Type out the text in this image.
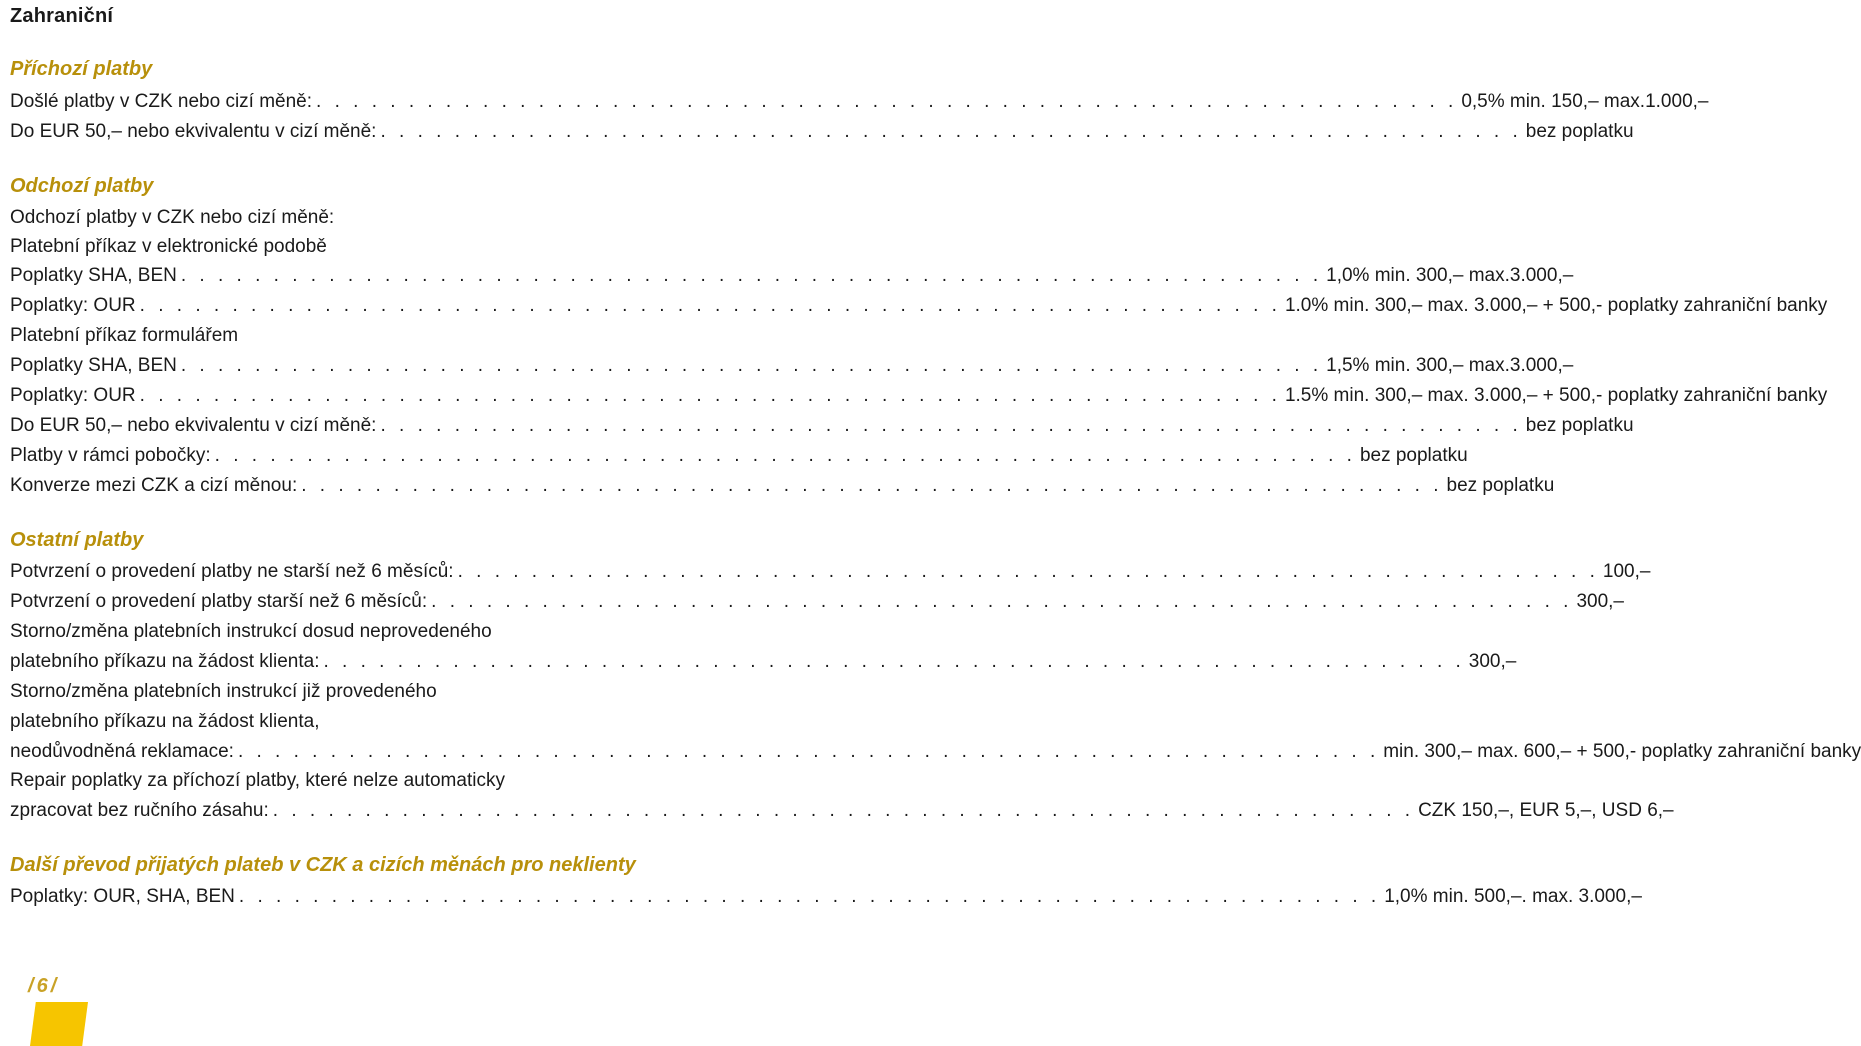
Zahraniční
Příchozí platby
Došlé platby v CZK nebo cizí měně: . . . . . . . . . . . . . . . . . . . . . . . . . . . . . . . . . . . . . . . . . . . . . . . . . . . . . . . . . . . . . . 0,5% min. 150,– max.1.000,–
Do EUR 50,– nebo ekvivalentu v cizí měně: . . . . . . . . . . . . . . . . . . . . . . . . . . . . . . . . . . . . . . . . . . . . . . . . . . . . . . . . . . . . . . bez poplatku
Odchozí platby
Odchozí platby v CZK nebo cizí měně:
Platební příkaz v elektronické podobě
Poplatky SHA, BEN . . . . . . . . . . . . . . . . . . . . . . . . . . . . . . . . . . . . . . . . . . . . . . . . . . . . . . . . . . . . . . 1,0% min. 300,– max.3.000,–
Poplatky: OUR . . . . . . . . . . . . . . . . . . . . . . . . . . . . . . . . . . . . . . . . . . . . . . . . . . . . . . . . . . . . . . 1.0% min. 300,– max. 3.000,– + 500,- poplatky zahraniční banky
Platební příkaz formulářem
Poplatky SHA, BEN . . . . . . . . . . . . . . . . . . . . . . . . . . . . . . . . . . . . . . . . . . . . . . . . . . . . . . . . . . . . . . 1,5% min. 300,– max.3.000,–
Poplatky: OUR . . . . . . . . . . . . . . . . . . . . . . . . . . . . . . . . . . . . . . . . . . . . . . . . . . . . . . . . . . . . . . 1.5% min. 300,– max. 3.000,– + 500,- poplatky zahraniční banky
Do EUR 50,– nebo ekvivalentu v cizí měně: . . . . . . . . . . . . . . . . . . . . . . . . . . . . . . . . . . . . . . . . . . . . . . . . . . . . . . . . . . . . . . bez poplatku
Platby v rámci pobočky: . . . . . . . . . . . . . . . . . . . . . . . . . . . . . . . . . . . . . . . . . . . . . . . . . . . . . . . . . . . . . . bez poplatku
Konverze mezi CZK a cizí měnou: . . . . . . . . . . . . . . . . . . . . . . . . . . . . . . . . . . . . . . . . . . . . . . . . . . . . . . . . . . . . . . bez poplatku
Ostatní platby
Potvrzení o provedení platby ne starší než 6 měsíců: . . . . . . . . . . . . . . . . . . . . . . . . . . . . . . . . . . . . . . . . . . . . . . . . . . . . . . . . . . . . . . 100,–
Potvrzení o provedení platby starší než 6 měsíců: . . . . . . . . . . . . . . . . . . . . . . . . . . . . . . . . . . . . . . . . . . . . . . . . . . . . . . . . . . . . . . 300,–
Storno/změna platebních instrukcí dosud neprovedeného
platebního příkazu na žádost klienta: . . . . . . . . . . . . . . . . . . . . . . . . . . . . . . . . . . . . . . . . . . . . . . . . . . . . . . . . . . . . . . 300,–
Storno/změna platebních instrukcí již provedeného
platebního příkazu na žádost klienta,
neodůvodněná reklamace: . . . . . . . . . . . . . . . . . . . . . . . . . . . . . . . . . . . . . . . . . . . . . . . . . . . . . . . . . . . . . . min. 300,– max. 600,– + 500,- poplatky zahraniční banky
Repair poplatky za příchozí platby, které nelze automaticky
zpracovat bez ručního zásahu: . . . . . . . . . . . . . . . . . . . . . . . . . . . . . . . . . . . . . . . . . . . . . . . . . . . . . . . . . . . . . . CZK 150,–, EUR 5,–, USD 6,–
Další převod přijatých plateb v CZK a cizích měnách pro neklienty
Poplatky: OUR, SHA, BEN . . . . . . . . . . . . . . . . . . . . . . . . . . . . . . . . . . . . . . . . . . . . . . . . . . . . . . . . . . . . . . 1,0% min. 500,–. max. 3.000,–
/6/
